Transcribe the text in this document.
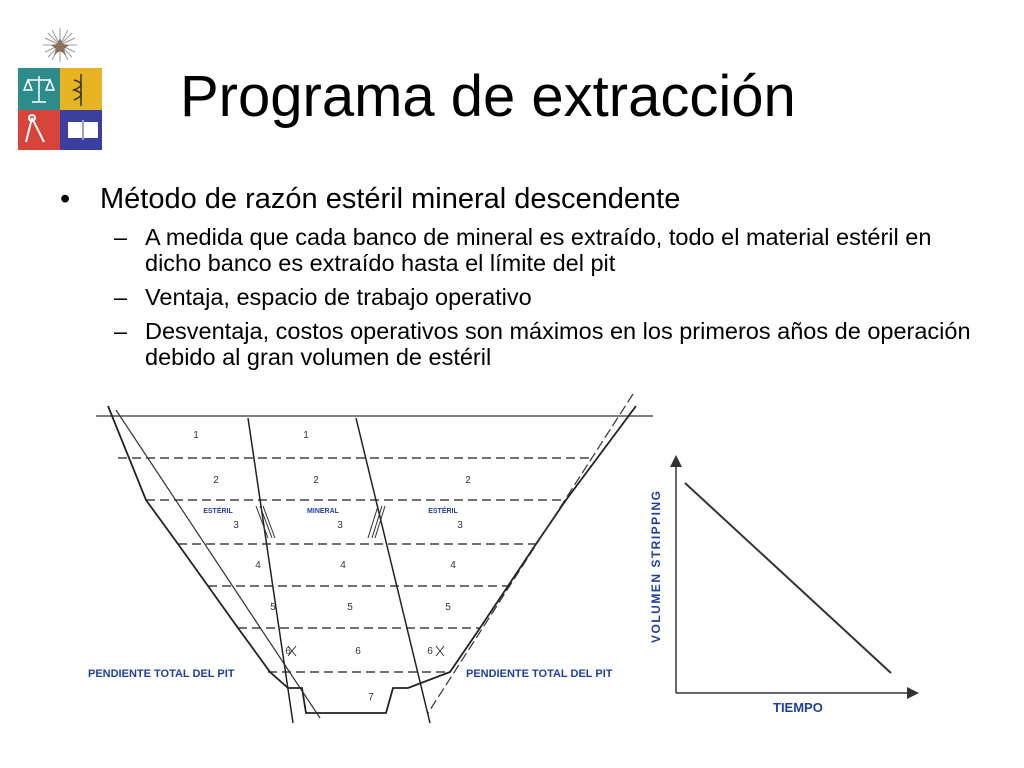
Programa de extracción
• Método de razón estéril mineral descendente
– A medida que cada banco de mineral es extraído, todo el material estéril en dicho banco es extraído hasta el límite del pit
– Ventaja, espacio de trabajo operativo
– Desventaja, costos operativos son máximos en los primeros años de operación debido al gran volumen de estéril
1	1
2	2	2
3	3	3
4	4	4
5	5	5
6	6	6
7
ESTÉRIL	MINERAL	ESTÉRIL
PENDIENTE TOTAL DEL PIT	PENDIENTE TOTAL DEL PIT
VOLUMEN STRIPPING
TIEMPO
